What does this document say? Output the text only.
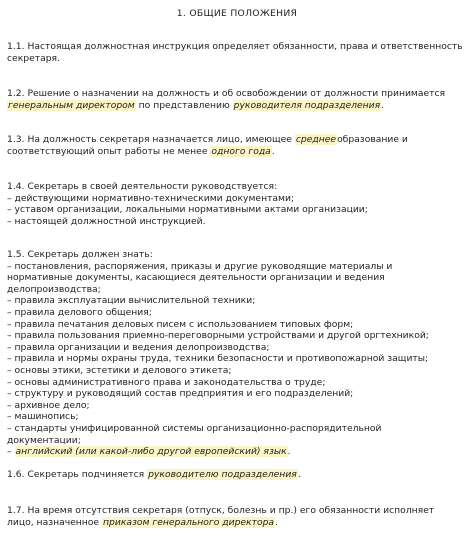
1. ОБЩИЕ ПОЛОЖЕНИЯ
1.1. Настоящая должностная инструкция определяет обязанности, права и ответственность
секретаря.
1.2. Решение о назначении на должность и об освобождении от должности принимается
генеральным директором по представлению руководителя подразделения.
1.3. На должность секретаря назначается лицо, имеющее среднееобразование и
соответствующий опыт работы не менее одного года.
1.4. Секретарь в своей деятельности руководствуется:
– действующими нормативно-техническими документами;
– уставом организации, локальными нормативными актами организации;
– настоящей должностной инструкцией.
1.5. Секретарь должен знать:
– постановления, распоряжения, приказы и другие руководящие материалы и
нормативные документы, касающиеся деятельности организации и ведения
делопроизводства;
– правила эксплуатации вычислительной техники;
– правила делового общения;
– правила печатания деловых писем с использованием типовых форм;
– правила пользования приемно-переговорными устройствами и другой оргтехникой;
– правила организации и ведения делопроизводства;
– правила и нормы охраны труда, техники безопасности и противопожарной защиты;
– основы этики, эстетики и делового этикета;
– основы административного права и законодательства о труде;
– структуру и руководящий состав предприятия и его подразделений;
– архивное дело;
– машинопись;
– стандарты унифицированной системы организационно-распорядительной
документации;
– английский (или какой-либо другой европейский) язык.
1.6. Секретарь подчиняется руководителю подразделения.
1.7. На время отсутствия секретаря (отпуск, болезнь и пр.) его обязанности исполняет
лицо, назначенное приказом генерального директора.
